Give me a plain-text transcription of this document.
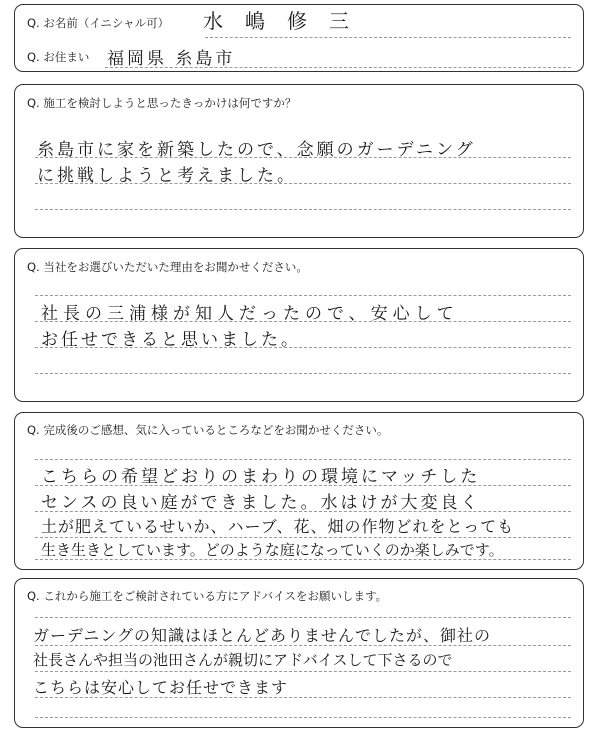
Q. お名前（イニシャル可） 水嶋修三
Q. お住まい 福岡県 糸島市
Q. 施工を検討しようと思ったきっかけは何ですか？
糸島市に家を新築したので、念願のガーデニング
に挑戦しようと考えました。
Q. 当社をお選びいただいた理由をお聞かせください。
社長の三浦様が知人だったので、安心して
お任せできると思いました。
Q. 完成後のご感想、気に入っているところなどをお聞かせください。
こちらの希望どおりのまわりの環境にマッチした
センスの良い庭ができました。水はけが大変良く
土が肥えているせいか、ハーブ、花、畑の作物どれをとっても
生き生きとしています。どのような庭になっていくのか楽しみです。
Q. これから施工をご検討されている方にアドバイスをお願いします。
ガーデニングの知識はほとんどありませんでしたが、御社の
社長さんや担当の池田さんが親切にアドバイスして下さるので
こちらは安心してお任せできます
